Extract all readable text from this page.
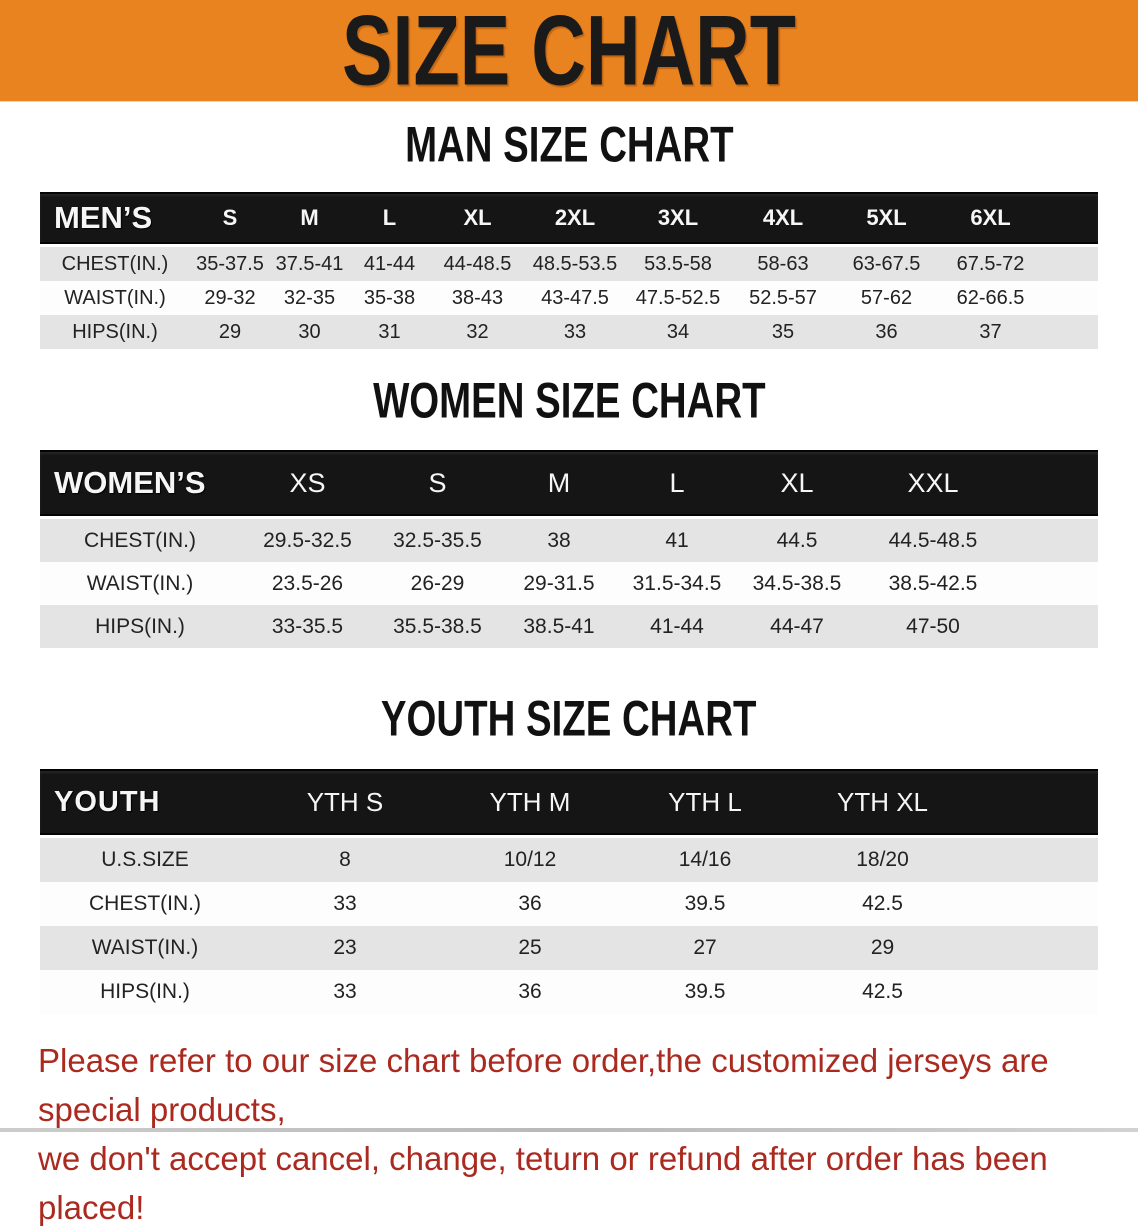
SIZE CHART
MAN SIZE CHART
MEN’S	S	M	L	XL	2XL	3XL	4XL	5XL	6XL
CHEST(IN.)	35-37.5 37.5-41	41-44	44-48.5	48.5-53.5	53.5-58	58-63	63-67.5	67.5-72
WAIST(IN.)	29-32	32-35	35-38	38-43	43-47.5	47.5-52.5	52.5-57	57-62	62-66.5
HIPS(IN.)	29	30	31	32	33	34	35	36	37
WOMEN SIZE CHART
WOMEN’S	XS	S	M	L	XL	XXL
CHEST(IN.)	29.5-32.5	32.5-35.5	38	41	44.5	44.5-48.5
WAIST(IN.)	23.5-26	26-29	29-31.5	31.5-34.5	34.5-38.5	38.5-42.5
HIPS(IN.)	33-35.5	35.5-38.5	38.5-41	41-44	44-47	47-50
YOUTH SIZE CHART
YOUTH	YTH S	YTH M	YTH L	YTH XL
U.S.SIZE	8	10/12	14/16	18/20
CHEST(IN.)	33	36	39.5	42.5
WAIST(IN.)	23	25	27	29
HIPS(IN.)	33	36	39.5	42.5
Please refer to our size chart before order,the customized jerseys are special products,
we don't accept cancel, change, teturn or refund after order has been placed!
